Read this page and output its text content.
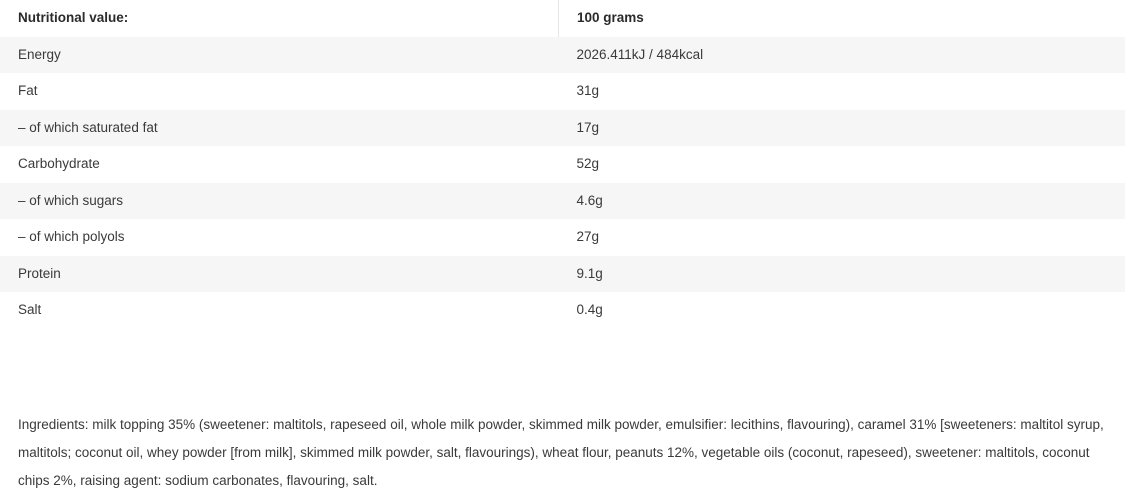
Nutritional value:	100 grams

Energy	2026.411kJ / 484kcal

Fat	31g

– of which saturated fat	17g

Carbohydrate	52g

– of which sugars	4.6g

– of which polyols	27g

Protein	9.1g

Salt	0.4g
Ingredients: milk topping 35% (sweetener: maltitols, rapeseed oil, whole milk powder, skimmed milk powder, emulsifier: lecithins, flavouring), caramel 31% [sweeteners: maltitol syrup, maltitols; coconut oil, whey powder [from milk], skimmed milk powder, salt, flavourings), wheat flour, peanuts 12%, vegetable oils (coconut, rapeseed), sweetener: maltitols, coconut chips 2%, raising agent: sodium carbonates, flavouring, salt.
